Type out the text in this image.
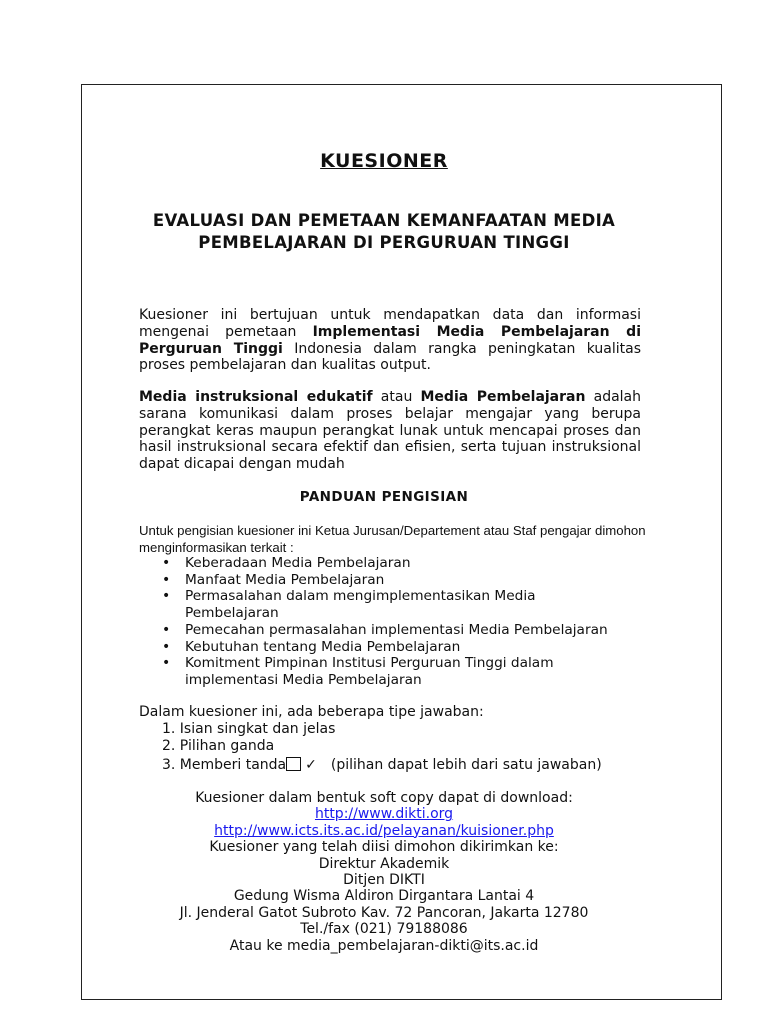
KUESIONER
EVALUASI DAN PEMETAAN KEMANFAATAN MEDIA
PEMBELAJARAN DI PERGURUAN TINGGI
Kuesioner ini bertujuan untuk mendapatkan data dan informasi mengenai pemetaan Implementasi Media Pembelajaran di Perguruan Tinggi Indonesia dalam rangka peningkatan kualitas proses pembelajaran dan kualitas output.
Media instruksional edukatif atau Media Pembelajaran adalah sarana komunikasi dalam proses belajar mengajar yang berupa perangkat keras maupun perangkat lunak untuk mencapai proses dan hasil instruksional secara efektif dan efisien, serta tujuan instruksional dapat dicapai dengan mudah
PANDUAN PENGISIAN
Untuk pengisian kuesioner ini Ketua Jurusan/Departement atau Staf pengajar dimohon menginformasikan terkait :
• Keberadaan Media Pembelajaran
• Manfaat Media Pembelajaran
• Permasalahan dalam mengimplementasikan Media Pembelajaran
• Pemecahan permasalahan implementasi Media Pembelajaran
• Kebutuhan tentang Media Pembelajaran
• Komitment Pimpinan Institusi Perguruan Tinggi dalam implementasi Media Pembelajaran
Dalam kuesioner ini, ada beberapa tipe jawaban:
1. Isian singkat dan jelas
2. Pilihan ganda
3. Memberi tanda ✓ (pilihan dapat lebih dari satu jawaban)
Kuesioner dalam bentuk soft copy dapat di download:
http://www.dikti.org
http://www.icts.its.ac.id/pelayanan/kuisioner.php
Kuesioner yang telah diisi dimohon dikirimkan ke:
Direktur Akademik
Ditjen DIKTI
Gedung Wisma Aldiron Dirgantara Lantai 4
Jl. Jenderal Gatot Subroto Kav. 72 Pancoran, Jakarta 12780
Tel./fax (021) 79188086
Atau ke media_pembelajaran-dikti@its.ac.id
